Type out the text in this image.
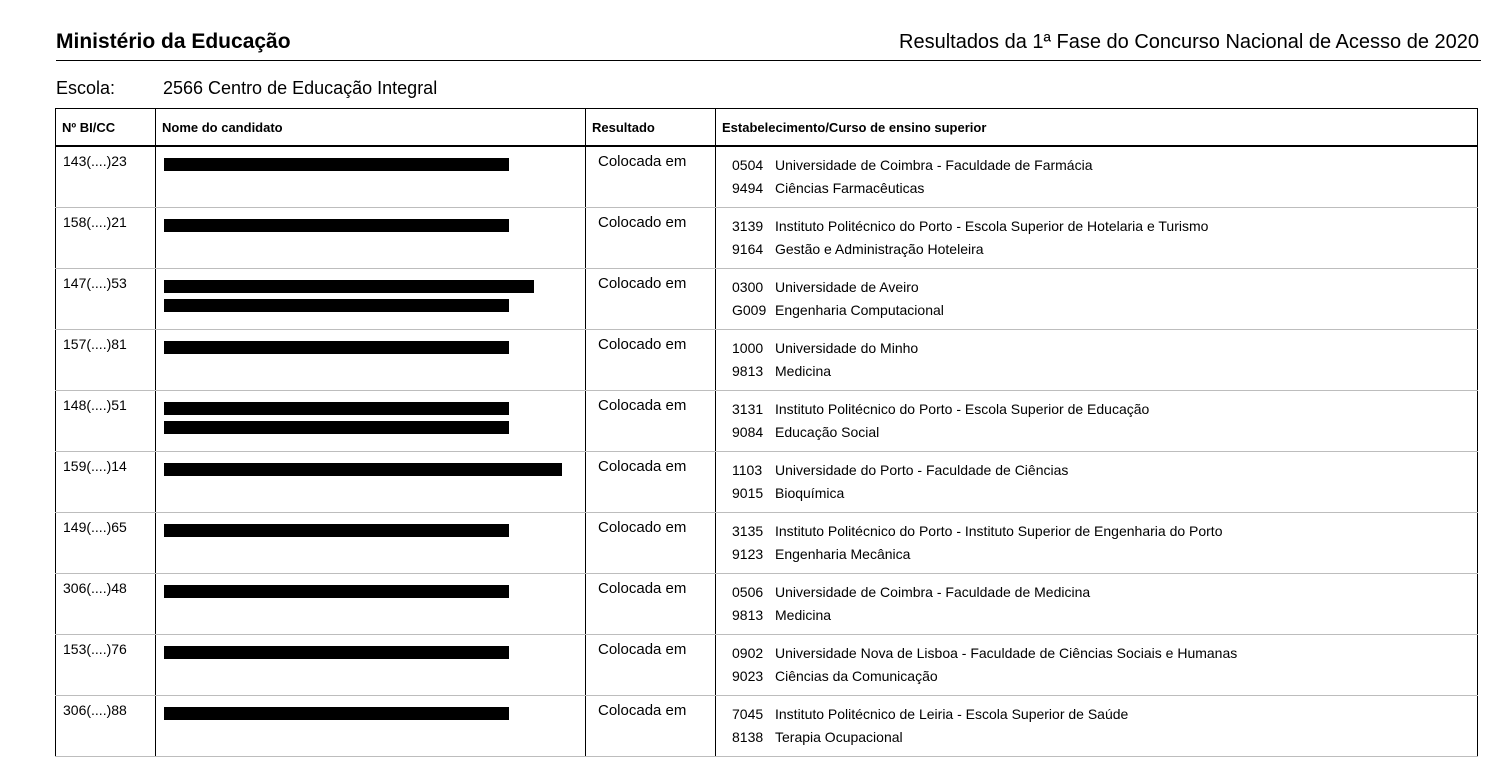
Ministério da Educação	Resultados da 1ª Fase do Concurso Nacional de Acesso de 2020
Escola:	2566 Centro de Educação Integral
Nº BI/CC	Nome do candidato	Resultado	Estabelecimento/Curso de ensino superior
143(....)23		Colocada em	0504 Universidade de Coimbra - Faculdade de Farmácia
9494 Ciências Farmacêuticas

158(....)21		Colocado em	3139 Instituto Politécnico do Porto - Escola Superior de Hotelaria e Turismo
9164 Gestão e Administração Hoteleira

147(....)53		Colocado em	0300 Universidade de Aveiro
G009 Engenharia Computacional

157(....)81		Colocado em	1000 Universidade do Minho
9813 Medicina

148(....)51		Colocada em	3131 Instituto Politécnico do Porto - Escola Superior de Educação
9084 Educação Social

159(....)14		Colocada em	1103 Universidade do Porto - Faculdade de Ciências
9015 Bioquímica

149(....)65		Colocado em	3135 Instituto Politécnico do Porto - Instituto Superior de Engenharia do Porto
9123 Engenharia Mecânica

306(....)48		Colocada em	0506 Universidade de Coimbra - Faculdade de Medicina
9813 Medicina

153(....)76		Colocada em	0902 Universidade Nova de Lisboa - Faculdade de Ciências Sociais e Humanas
9023 Ciências da Comunicação

306(....)88		Colocada em	7045 Instituto Politécnico de Leiria - Escola Superior de Saúde
8138 Terapia Ocupacional
